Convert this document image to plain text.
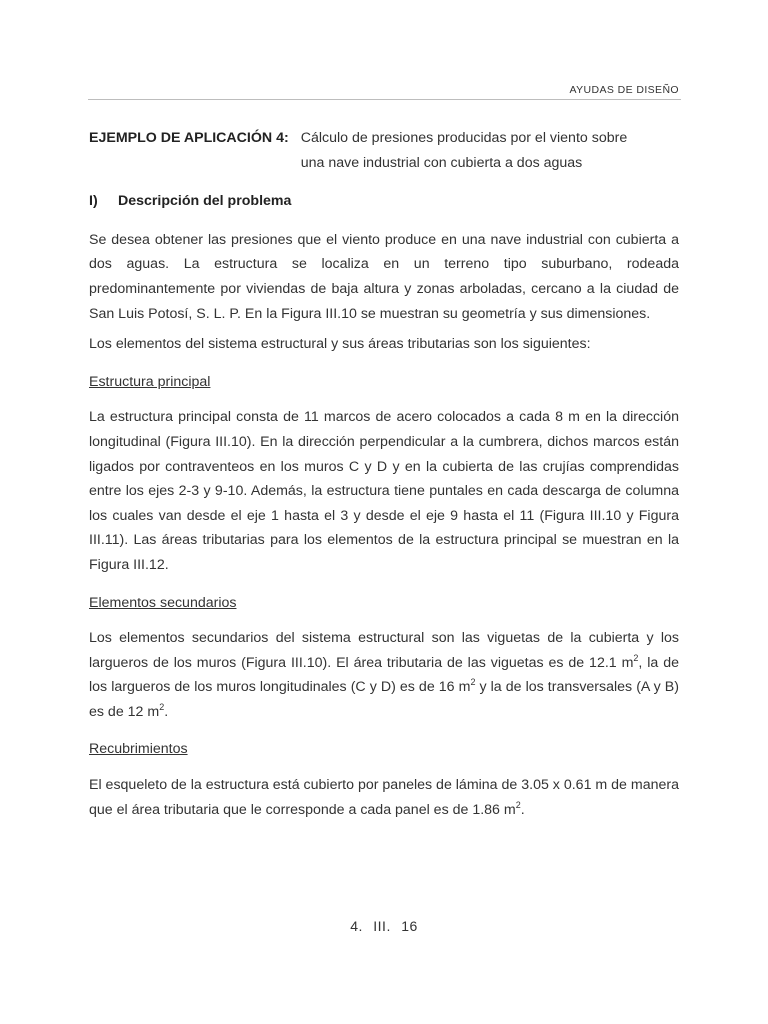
AYUDAS DE DISEÑO
EJEMPLO DE APLICACIÓN 4: Cálculo de presiones producidas por el viento sobre
una nave industrial con cubierta a dos aguas
I) Descripción del problema

Se desea obtener las presiones que el viento produce en una nave industrial con cubierta a dos aguas. La estructura se localiza en un terreno tipo suburbano, rodeada predominantemente por viviendas de baja altura y zonas arboladas, cercano a la ciudad de San Luis Potosí, S. L. P. En la Figura III.10 se muestran su geometría y sus dimensiones.

Los elementos del sistema estructural y sus áreas tributarias son los siguientes:

Estructura principal

La estructura principal consta de 11 marcos de acero colocados a cada 8 m en la dirección longitudinal (Figura III.10). En la dirección perpendicular a la cumbrera, dichos marcos están ligados por contraventeos en los muros C y D y en la cubierta de las crujías comprendidas entre los ejes 2-3 y 9-10. Además, la estructura tiene puntales en cada descarga de columna los cuales van desde el eje 1 hasta el 3 y desde el eje 9 hasta el 11 (Figura III.10 y Figura III.11). Las áreas tributarias para los elementos de la estructura principal se muestran en la Figura III.12.

Elementos secundarios

Los elementos secundarios del sistema estructural son las viguetas de la cubierta y los largueros de los muros (Figura III.10). El área tributaria de las viguetas es de 12.1 $m^2$, la de los largueros de los muros longitudinales (C y D) es de 16 $m^2$ y la de los transversales (A y B) es de 12 $m^2$.

Recubrimientos

El esqueleto de la estructura está cubierto por paneles de lámina de 3.05 x 0.61 m de manera que el área tributaria que le corresponde a cada panel es de 1.86 $m^2$.

4. III. 16
